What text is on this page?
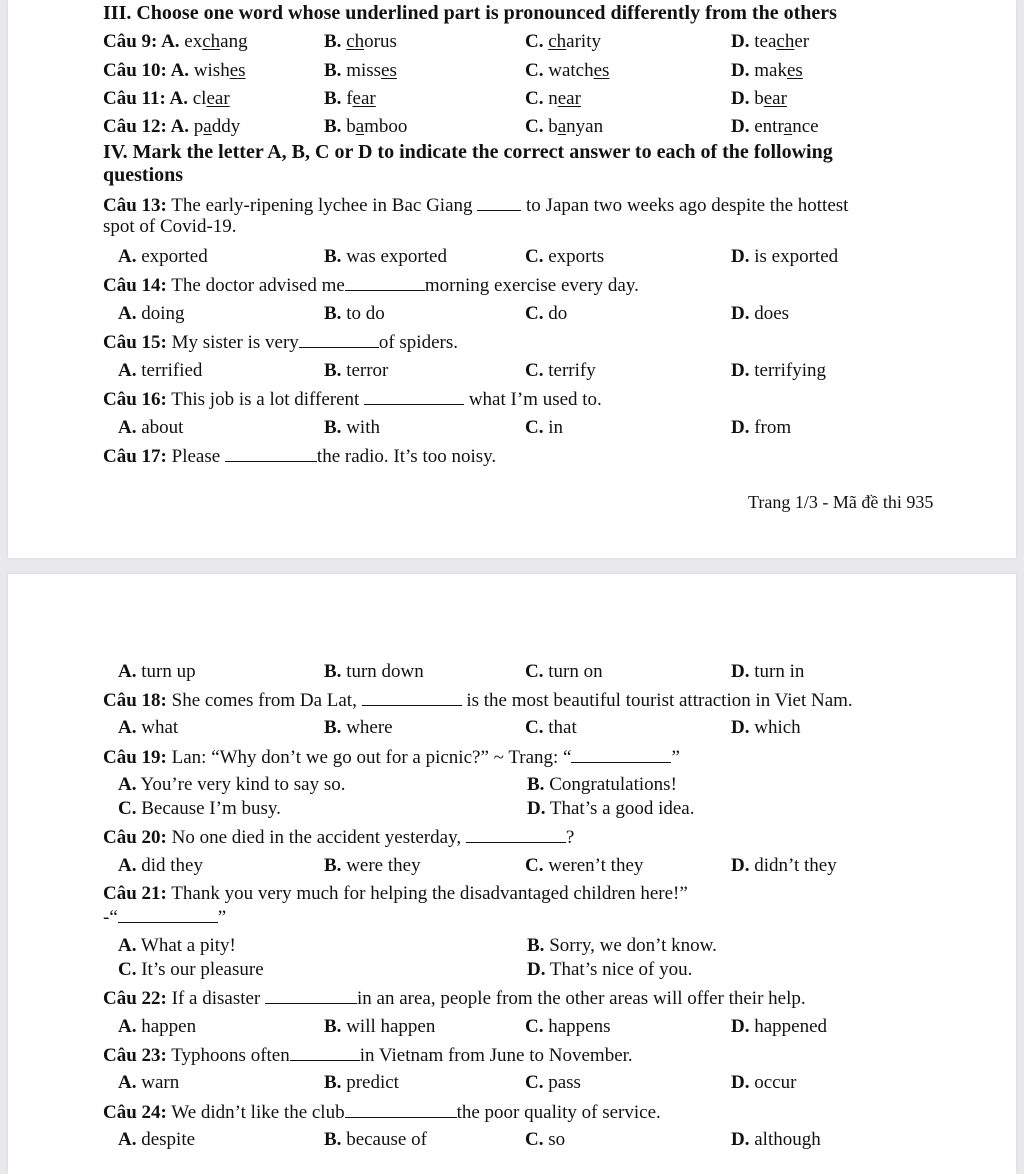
III. Choose one word whose underlined part is pronounced differently from the others
Câu 9: A. exchang	B. chorus	C. charity	D. teacher
Câu 10: A. wishes	B. misses	C. watches	D. makes
Câu 11: A. clear	B. fear	C. near	D. bear
Câu 12: A. paddy	B. bamboo	C. banyan	D. entrance
IV. Mark the letter A, B, C or D to indicate the correct answer to each of the following
questions
Câu 13: The early-ripening lychee in Bac Giang  to Japan two weeks ago despite the hottest
spot of Covid-19.
A. exported	B. was exported	C. exports	D. is exported
Câu 14: The doctor advised me	morning exercise every day.
A. doing	B. to do	C. do	D. does
Câu 15: My sister is very	of spiders.
A. terrified	B. terror	C. terrify	D. terrifying
Câu 16: This job is a lot different	what I’m used to.
A. about	B. with	C. in	D. from
Câu 17: Please	the radio. It’s too noisy.
Trang 1/3 - Mã đề thi 935
A. turn up	B. turn down	C. turn on	D. turn in
Câu 18: She comes from Da Lat,	is the most beautiful tourist attraction in Viet Nam.
A. what	B. where	C. that	D. which
Câu 19: Lan: “Why don’t we go out for a picnic?” ~ Trang: “	”
A. You’re very kind to say so.	B. Congratulations!
C. Because I’m busy.	D. That’s a good idea.
Câu 20: No one died in the accident yesterday,	?
A. did they	B. were they	C. weren’t they	D. didn’t they
Câu 21: Thank you very much for helping the disadvantaged children here!”
-“	”
A. What a pity!	B. Sorry, we don’t know.
C. It’s our pleasure	D. That’s nice of you.
Câu 22: If a disaster	in an area, people from the other areas will offer their help.
A. happen	B. will happen	C. happens	D. happened
Câu 23: Typhoons often	in Vietnam from June to November.
A. warn	B. predict	C. pass	D. occur
Câu 24: We didn’t like the club	the poor quality of service.
A. despite	B. because of	C. so	D. although
